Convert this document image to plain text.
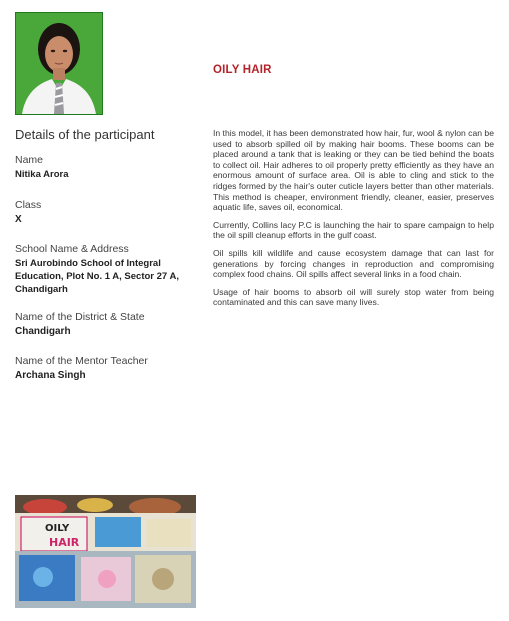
OILY HAIR
Details of the participant
Name
Nitika Arora
Class
X
School Name & Address
Sri Aurobindo School of Integral Education, Plot No. 1 A, Sector 27 A, Chandigarh
Name of the District & State
Chandigarh
Name of the Mentor Teacher
Archana Singh

In this model, it has been demonstrated how hair, fur, wool & nylon can be used to absorb spilled oil by making hair booms. These booms can be placed around a tank that is leaking or they can be tied behind the boats to collect oil. Hair adheres to oil properly pretty efficiently as they have an enormous amount of surface area. Oil is able to cling and stick to the ridges formed by the hair's outer cuticle layers better than other materials. This method is cheaper, environment friendly, cleaner, easier, preserves aquatic life, saves oil, economical.

Currently, Collins lacy P.C is launching the hair to spare campaign to help the oil spill cleanup efforts in the gulf coast.

Oil spills kill wildlife and cause ecosystem damage that can last for generations by forcing changes in reproduction and compromising complex food chains. Oil spills affect several links in a food chain.

Usage of hair booms to absorb oil will surely stop water from being contaminated and this can save many lives.

OILY
HAIR
